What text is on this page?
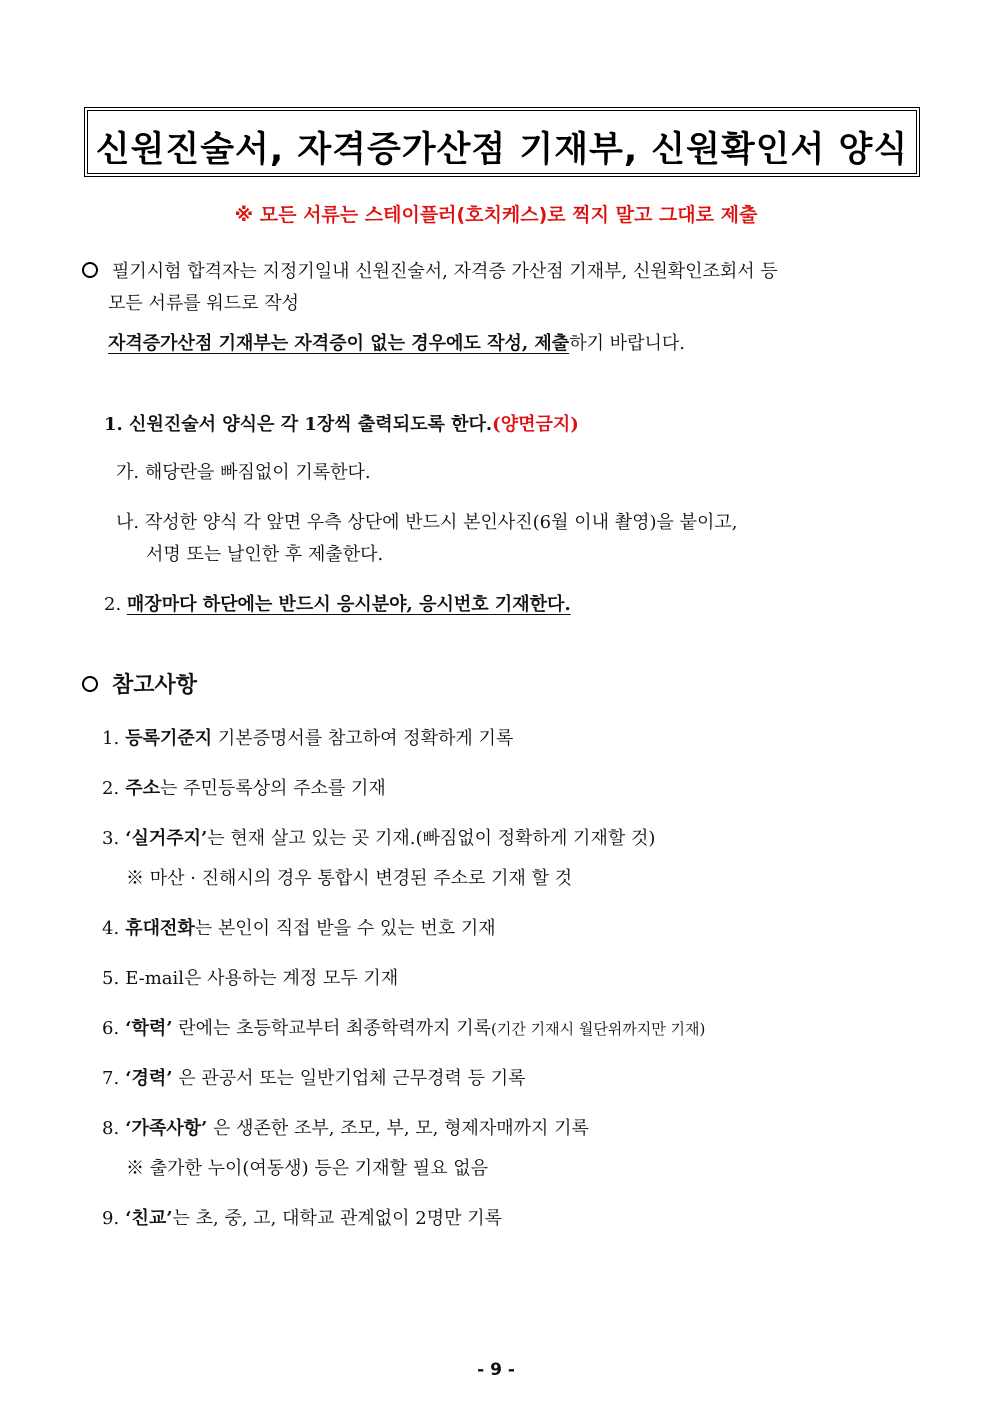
신원진술서, 자격증가산점 기재부, 신원확인서 양식
※ 모든 서류는 스테이플러(호치케스)로 찍지 말고 그대로 제출
필기시험 합격자는 지정기일내 신원진술서, 자격증 가산점 기재부, 신원확인조회서 등
모든 서류를 워드로 작성
자격증가산점 기재부는 자격증이 없는 경우에도 작성, 제출하기 바랍니다.
1. 신원진술서 양식은 각 1장씩 출력되도록 한다.(양면금지)
가. 해당란을 빠짐없이 기록한다.
나. 작성한 양식 각 앞면 우측 상단에 반드시 본인사진(6월 이내 촬영)을 붙이고,
서명 또는 날인한 후 제출한다.
2. 매장마다 하단에는 반드시 응시분야, 응시번호 기재한다.
참고사항
1. 등록기준지 기본증명서를 참고하여 정확하게 기록
2. 주소는 주민등록상의 주소를 기재
3. ‘실거주지’는 현재 살고 있는 곳 기재.(빠짐없이 정확하게 기재할 것)
4. 휴대전화는 본인이 직접 받을 수 있는 번호 기재
5. E-mail은 사용하는 계정 모두 기재
6. ‘학력’ 란에는 초등학교부터 최종학력까지 기록(기간 기재시 월단위까지만 기재)
7. ‘경력’ 은 관공서 또는 일반기업체 근무경력 등 기록
8. ‘가족사항’ 은 생존한 조부, 조모, 부, 모, 형제자매까지 기록
9. ‘친교’는 초, 중, 고, 대학교 관계없이 2명만 기록
※ 마산 · 진해시의 경우 통합시 변경된 주소로 기재 할 것
※ 출가한 누이(여동생) 등은 기재할 필요 없음
- 9 -
